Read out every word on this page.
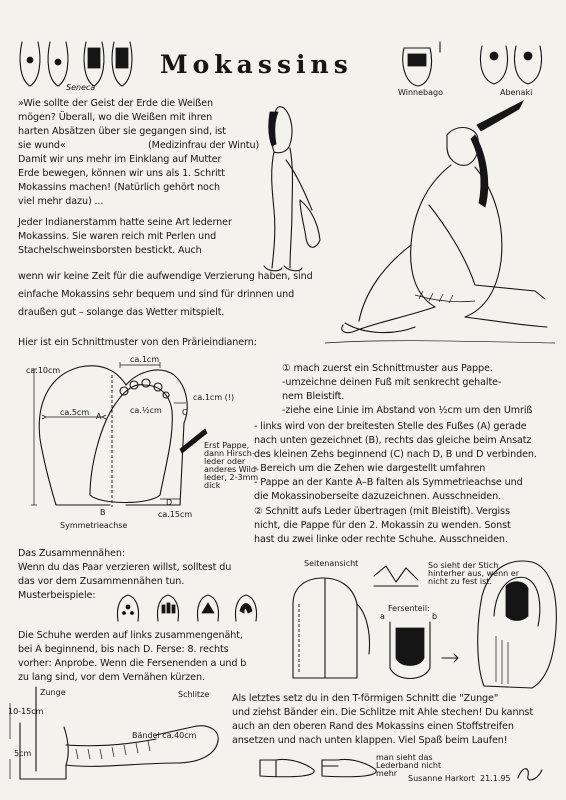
Seneca
Mokassins
Winnebago	Abenaki
»Wie sollte der Geist der Erde die Weißen
mögen? Überall, wo die Weißen mit ihren
harten Absätzen über sie gegangen sind, ist
sie wund«	(Medizinfrau der Wintu)
Damit wir uns mehr im Einklang auf Mutter
Erde bewegen, können wir uns als 1. Schritt
Mokassins machen! (Natürlich gehört noch
viel mehr dazu) ...
Jeder Indianerstamm hatte seine Art lederner
Mokassins. Sie waren reich mit Perlen und
Stachelschweinsborsten bestickt. Auch
wenn wir keine Zeit für die aufwendige Verzierung haben, sind
einfache Mokassins sehr bequem und sind für drinnen und
draußen gut – solange das Wetter mitspielt.
Hier ist ein Schnittmuster von den Prärieindianern:
ca.10cm
ca.1cm
ca.5cm
ca.1cm (!)
ca.½cm
A	C
B
D
ca.15cm
Symmetrieachse
Erst Pappe,
dann Hirsch-
leder oder
anderes Wild-
leder, 2-3mm
dick
① mach zuerst ein Schnittmuster aus Pappe.
-umzeichne deinen Fuß mit senkrecht gehalte-
nem Bleistift.
-ziehe eine Linie im Abstand von ½cm um den Umriß
- links wird von der breitesten Stelle des Fußes (A) gerade
nach unten gezeichnet (B), rechts das gleiche beim Ansatz
des kleinen Zehs beginnend (C) nach D, B und D verbinden.
- Bereich um die Zehen wie dargestellt umfahren
- Pappe an der Kante A–B falten als Symmetrieachse und
die Mokassinoberseite dazuzeichnen. Ausschneiden.
② Schnitt aufs Leder übertragen (mit Bleistift). Vergiss
nicht, die Pappe für den 2. Mokassin zu wenden. Sonst
hast du zwei linke oder rechte Schuhe. Ausschneiden.
Das Zusammennähen:
Wenn du das Paar verzieren willst, solltest du
das vor dem Zusammennähen tun.
Musterbeispiele:
Die Schuhe werden auf links zusammengenäht,
bei A beginnend, bis nach D. Ferse: 8. rechts
vorher: Anprobe. Wenn die Fersenenden a und b
zu lang sind, vor dem Vernähen kürzen.
Seitenansicht	So sieht der Stich
hinterher aus, wenn er
nicht zu fest ist.
Fersenteil:
a	b
Zunge	Schlitze
Bändel ca.40cm
10-15cm
5cm
Als letztes setz du in den T-förmigen Schnitt die "Zunge"
und ziehst Bänder ein. Die Schlitze mit Ahle stechen! Du kannst
auch an den oberen Rand des Mokassins einen Stoffstreifen
ansetzen und nach unten klappen. Viel Spaß beim Laufen!
man sieht das
Lederband nicht
mehr
Susanne Harkort 21.1.95
